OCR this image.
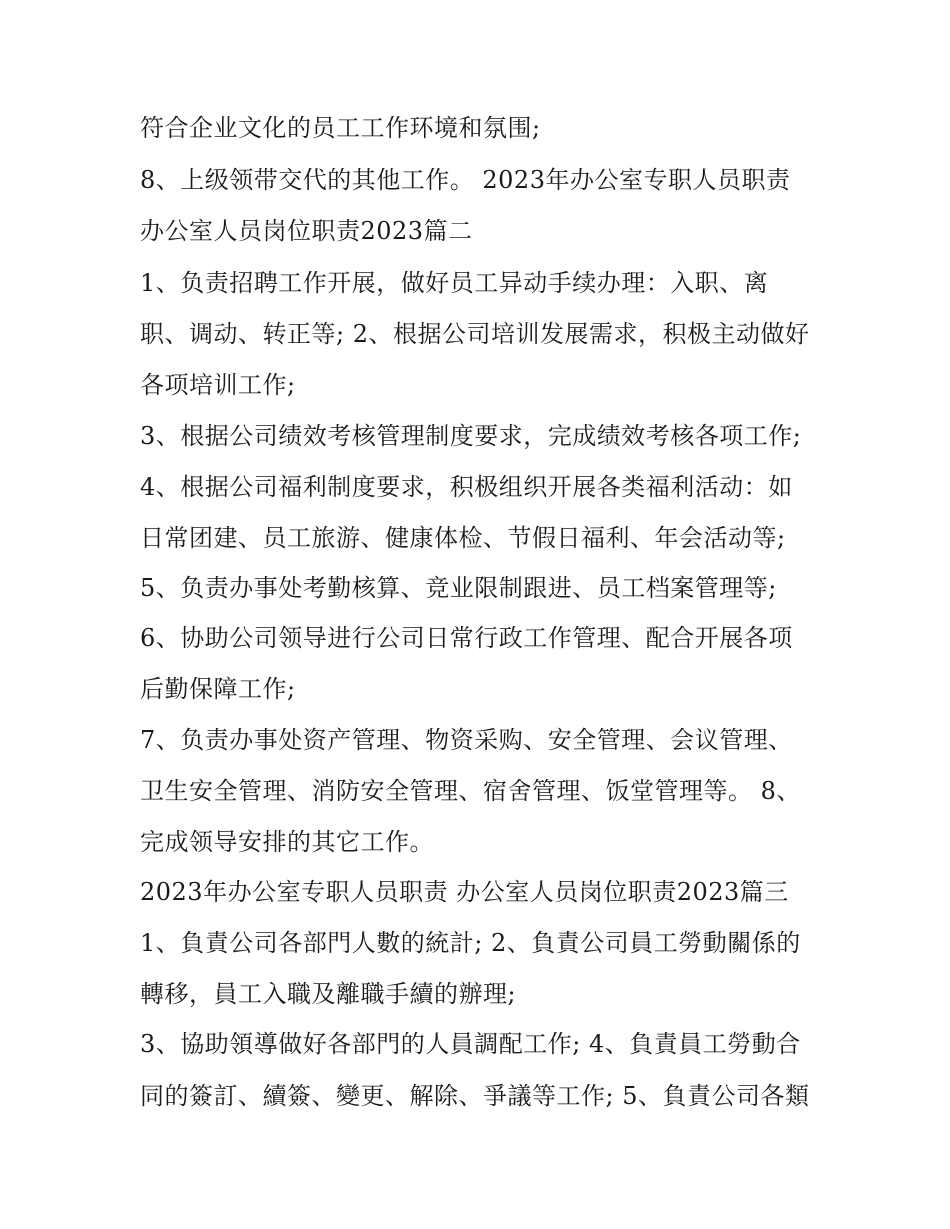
符合企业文化的员工工作环境和氛围;
8、上级领带交代的其他工作。 2023年办公室专职人员职责
办公室人员岗位职责2023篇二
1、负责招聘工作开展，做好员工异动手续办理：入职、离
职、调动、转正等; 2、根据公司培训发展需求，积极主动做好
各项培训工作;
3、根据公司绩效考核管理制度要求，完成绩效考核各项工作;
4、根据公司福利制度要求，积极组织开展各类福利活动：如
日常团建、员工旅游、健康体检、节假日福利、年会活动等;
5、负责办事处考勤核算、竞业限制跟进、员工档案管理等;
6、协助公司领导进行公司日常行政工作管理、配合开展各项
后勤保障工作;
7、负责办事处资产管理、物资采购、安全管理、会议管理、
卫生安全管理、消防安全管理、宿舍管理、饭堂管理等。 8、
完成领导安排的其它工作。
2023年办公室专职人员职责 办公室人员岗位职责2023篇三
1、負責公司各部門人數的統計; 2、負責公司員工勞動關係的
轉移，員工入職及離職手續的辦理;
3、協助領導做好各部門的人員調配工作; 4、負責員工勞動合
同的簽訂、續簽、變更、解除、爭議等工作; 5、負責公司各類
